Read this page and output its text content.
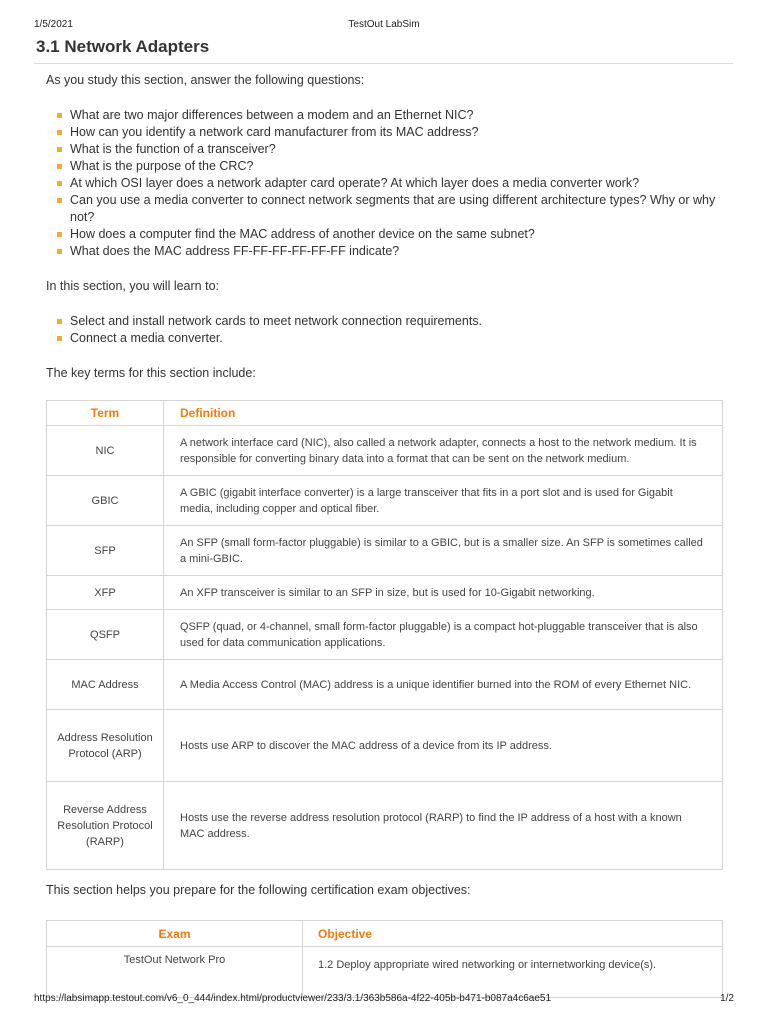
1/5/2021	TestOut LabSim
3.1 Network Adapters

As you study this section, answer the following questions:

What are two major differences between a modem and an Ethernet NIC?
How can you identify a network card manufacturer from its MAC address?
What is the function of a transceiver?
What is the purpose of the CRC?
At which OSI layer does a network adapter card operate? At which layer does a media converter work?
Can you use a media converter to connect network segments that are using different architecture types? Why or why not?
How does a computer find the MAC address of another device on the same subnet?
What does the MAC address FF-FF-FF-FF-FF-FF indicate?

In this section, you will learn to:

Select and install network cards to meet network connection requirements.
Connect a media converter.

The key terms for this section include:

Term	Definition
NIC	A network interface card (NIC), also called a network adapter, connects a host to the network medium. It is responsible for converting binary data into a format that can be sent on the network medium.
GBIC	A GBIC (gigabit interface converter) is a large transceiver that fits in a port slot and is used for Gigabit media, including copper and optical fiber.
SFP	An SFP (small form-factor pluggable) is similar to a GBIC, but is a smaller size. An SFP is sometimes called a mini-GBIC.
XFP	An XFP transceiver is similar to an SFP in size, but is used for 10-Gigabit networking.
QSFP	QSFP (quad, or 4-channel, small form-factor pluggable) is a compact hot-pluggable transceiver that is also used for data communication applications.
MAC Address	A Media Access Control (MAC) address is a unique identifier burned into the ROM of every Ethernet NIC.
Address Resolution Protocol (ARP)	Hosts use ARP to discover the MAC address of a device from its IP address.
Reverse Address Resolution Protocol (RARP)	Hosts use the reverse address resolution protocol (RARP) to find the IP address of a host with a known MAC address.

This section helps you prepare for the following certification exam objectives:

Exam	Objective
TestOut Network Pro	1.2 Deploy appropriate wired networking or internetworking device(s).
https://labsimapp.testout.com/v6_0_444/index.html/productviewer/233/3.1/363b586a-4f22-405b-b471-b087a4c6ae51	1/2
